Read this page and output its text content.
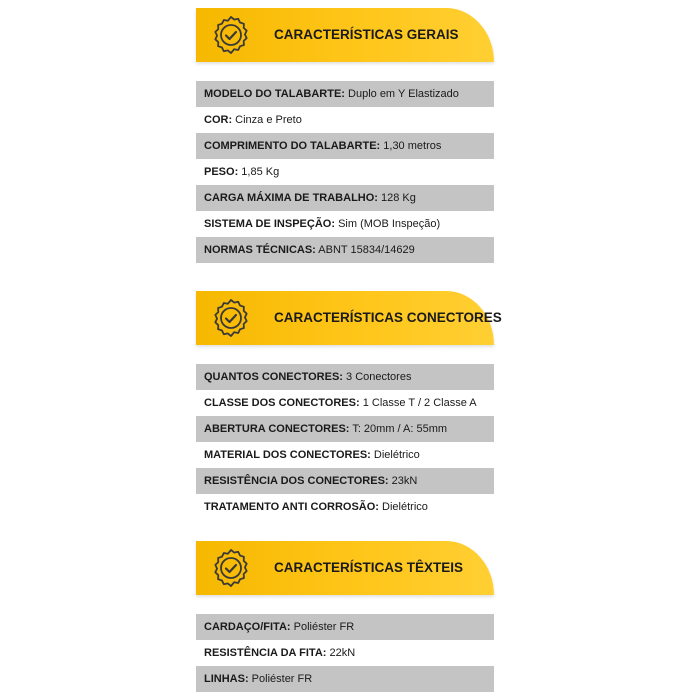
CARACTERÍSTICAS GERAIS
MODELO DO TALABARTE: Duplo em Y Elastizado
COR: Cinza e Preto
COMPRIMENTO DO TALABARTE: 1,30 metros
PESO: 1,85 Kg
CARGA MÁXIMA DE TRABALHO: 128 Kg
SISTEMA DE INSPEÇÃO: Sim (MOB Inspeção)
NORMAS TÉCNICAS: ABNT 15834/14629
CARACTERÍSTICAS CONECTORES
QUANTOS CONECTORES: 3 Conectores
CLASSE DOS CONECTORES: 1 Classe T / 2 Classe A
ABERTURA CONECTORES: T: 20mm / A: 55mm
MATERIAL DOS CONECTORES: Dielétrico
RESISTÊNCIA DOS CONECTORES: 23kN
TRATAMENTO ANTI CORROSÃO: Dielétrico
CARACTERÍSTICAS TÊXTEIS
CARDAÇO/FITA: Poliéster FR
RESISTÊNCIA DA FITA: 22kN
LINHAS: Poliéster FR
